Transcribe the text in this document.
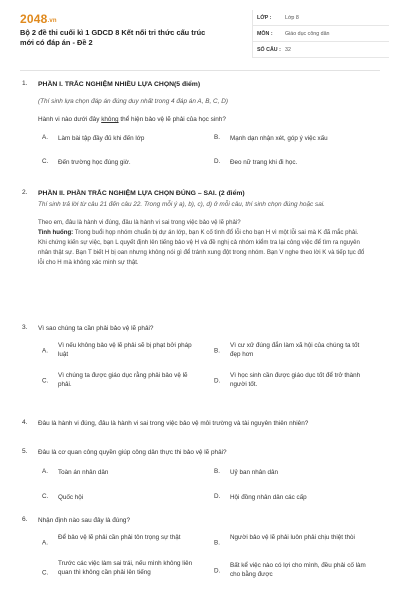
2048.vn
Bộ 2 đề thi cuối kì 1 GDCD 8 Kết nối tri thức cấu trúc mới có đáp án - Đề 2
LỚP :	Lớp 8
MÔN :	Giáo dục công dân
SỐ CÂU : 32
1. PHẦN I. TRẮC NGHIỆM NHIỀU LỰA CHỌN(5 điểm)
(Thí sinh lựa chọn đáp án đúng duy nhất trong 4 đáp án A, B, C, D)
Hành vi nào dưới đây không thể hiện bảo vệ lẽ phải của học sinh?
A. Làm bài tập đầy đủ khi đến lớp	B. Mạnh dạn nhận xét, góp ý việc xấu
C. Đến trường học đúng giờ.	D. Đeo nữ trang khi đi học.
2. PHẦN II. PHẦN TRẮC NGHIỆM LỰA CHỌN ĐÚNG – SAI. (2 điểm)
Thí sinh trả lời từ câu 21 đến câu 22. Trong mỗi ý a), b), c), d) ở mỗi câu, thí sinh chọn đúng hoặc sai.
Theo em, đâu là hành vi đúng, đâu là hành vi sai trong việc bảo vệ lẽ phải?
Tình huống: Trong buổi họp nhóm chuẩn bị dự án lớp, bạn K cố tình đổ lỗi cho bạn H vì một lỗi sai mà K đã mắc phải. Khi chứng kiến sự việc, bạn L quyết định lên tiếng bảo vệ H và đề nghị cả nhóm kiểm tra lại công việc để tìm ra nguyên nhân thật sự. Bạn T biết H bị oan nhưng không nói gì để tránh xung đột trong nhóm. Bạn V nghe theo lời K và tiếp tục đổ lỗi cho H mà không xác minh sự thật.
3. Vì sao chúng ta cần phải bảo vệ lẽ phải?
A.
Vì nếu không bảo vệ lẽ phải sẽ bị phạt bởi pháp luật	B.
Vì cư xử đúng đắn làm xã hội của chúng ta tốt đẹp hơn
C.
Vì chúng ta được giáo dục rằng phải bảo vệ lẽ phải.	D.
Vì học sinh cần được giáo dục tốt để trở thành người tốt.
4. Đâu là hành vi đúng, đâu là hành vi sai trong việc bảo vệ môi trường và tài nguyên thiên nhiên?
5. Đâu là cơ quan công quyền giúp công dân thực thi bảo vệ lẽ phải?
A. Toàn án nhân dân	B. Uỷ ban nhân dân
C. Quốc hội	D. Hội đồng nhân dân các cấp
6. Nhận định nào sau đây là đúng?
A.
Để bảo vệ lẽ phải cần phải tôn trọng sự thật
B.
Người bảo vệ lẽ phải luôn phải chịu thiệt thòi
C.
Trước các việc làm sai trái, nếu mình không liên quan thì không cần phải lên tiếng	D.
Bất kể việc nào có lợi cho mình, đều phải cố làm cho bằng được
